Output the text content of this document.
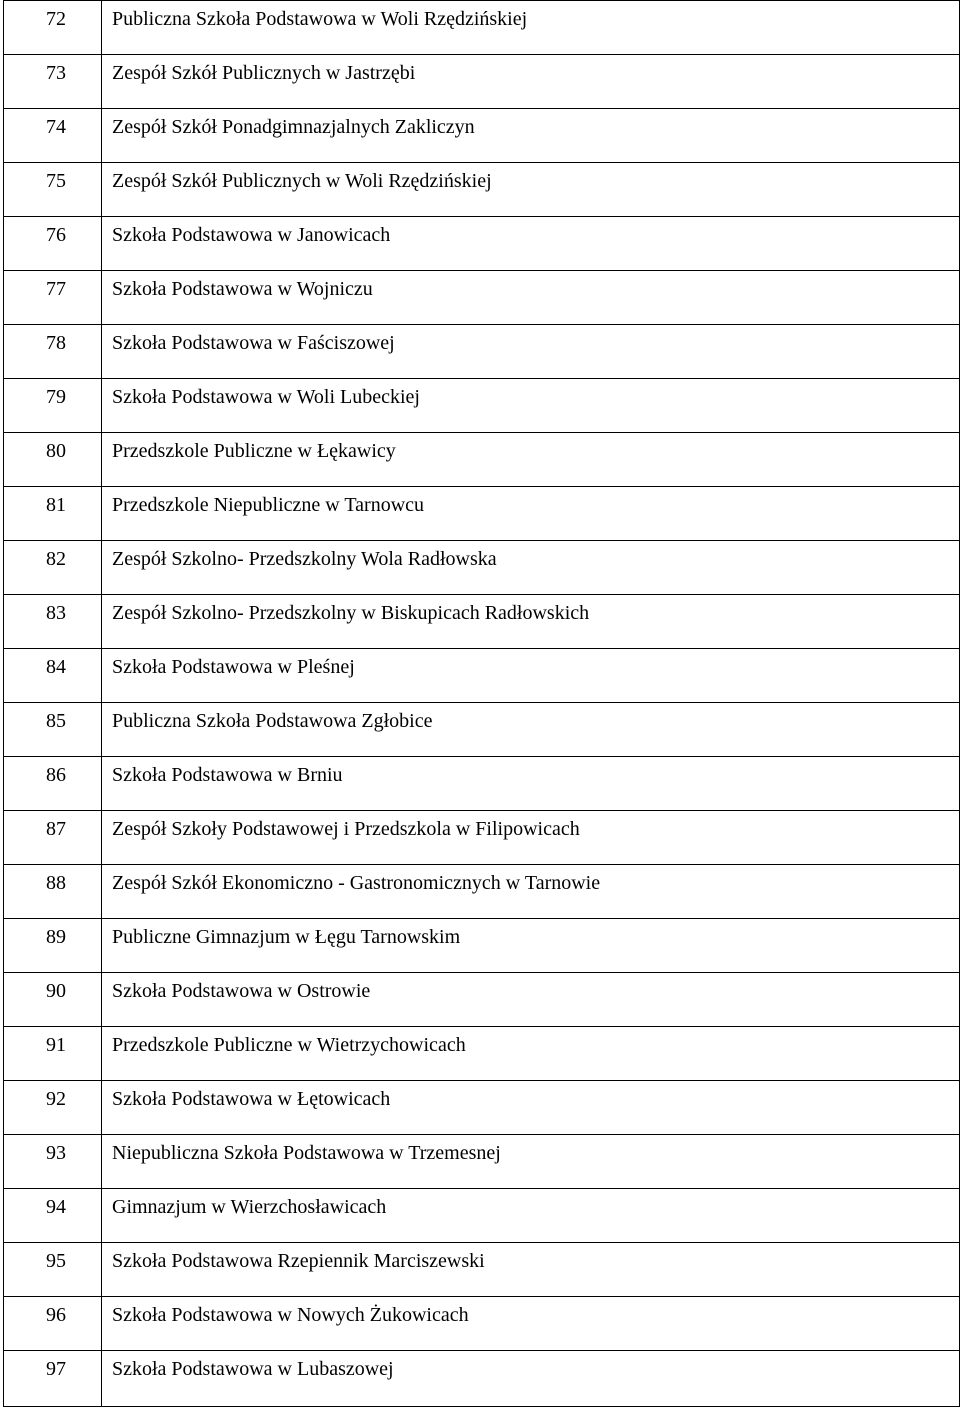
72	Publiczna Szkoła Podstawowa w Woli Rzędzińskiej
73	Zespół Szkół Publicznych w Jastrzębi
74	Zespół Szkół Ponadgimnazjalnych Zakliczyn
75	Zespół Szkół Publicznych w Woli Rzędzińskiej
76	Szkoła Podstawowa w Janowicach
77	Szkoła Podstawowa w Wojniczu
78	Szkoła Podstawowa w Faściszowej
79	Szkoła Podstawowa w Woli Lubeckiej
80	Przedszkole Publiczne w Łękawicy
81	Przedszkole Niepubliczne w Tarnowcu
82	Zespół Szkolno- Przedszkolny Wola Radłowska
83	Zespół Szkolno- Przedszkolny w Biskupicach Radłowskich
84	Szkoła Podstawowa w Pleśnej
85	Publiczna Szkoła Podstawowa Zgłobice
86	Szkoła Podstawowa w Brniu
87	Zespół Szkoły Podstawowej i Przedszkola w Filipowicach
88	Zespół Szkół Ekonomiczno - Gastronomicznych w Tarnowie
89	Publiczne Gimnazjum w Łęgu Tarnowskim
90	Szkoła Podstawowa w Ostrowie
91	Przedszkole Publiczne w Wietrzychowicach
92	Szkoła Podstawowa w Łętowicach
93	Niepubliczna Szkoła Podstawowa w Trzemesnej
94	Gimnazjum w Wierzchosławicach
95	Szkoła Podstawowa Rzepiennik Marciszewski
96	Szkoła Podstawowa w Nowych Żukowicach
97	Szkoła Podstawowa w Lubaszowej
